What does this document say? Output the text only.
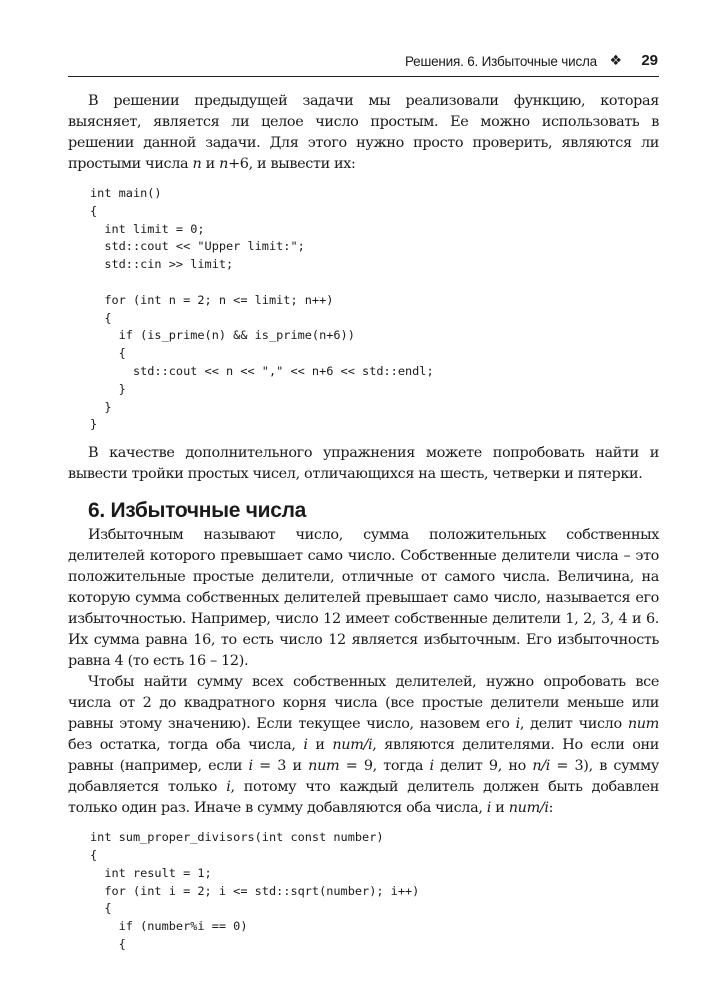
Решения. 6. Избыточные числа ❖ 29

В решении предыдущей задачи мы реализовали функцию, которая выясняет, является ли целое число простым. Ее можно использовать в решении данной задачи. Для этого нужно просто проверить, являются ли простыми числа n и n+6, и вывести их:

int main()
{
int limit = 0;
std::cout << "Upper limit:";
std::cin >> limit;

for (int n = 2; n <= limit; n++)
{
if (is_prime(n) && is_prime(n+6))
{
std::cout << n << "," << n+6 << std::endl;
}
}
}

В качестве дополнительного упражнения можете попробовать найти и вывести тройки простых чисел, отличающихся на шесть, четверки и пятерки.

6. Избыточные числа

Избыточным называют число, сумма положительных собственных делителей которого превышает само число. Собственные делители числа – это положительные простые делители, отличные от самого числа. Величина, на которую сумма собственных делителей превышает само число, называется его избыточностью. Например, число 12 имеет собственные делители 1, 2, 3, 4 и 6. Их сумма равна 16, то есть число 12 является избыточным. Его избыточность равна 4 (то есть 16 – 12).

Чтобы найти сумму всех собственных делителей, нужно опробовать все числа от 2 до квадратного корня числа (все простые делители меньше или равны этому значению). Если текущее число, назовем его i, делит число num без остатка, тогда оба числа, i и num/i, являются делителями. Но если они равны (например, если i = 3 и num = 9, тогда i делит 9, но n/i = 3), в сумму добавляется только i, потому что каждый делитель должен быть добавлен только один раз. Иначе в сумму добавляются оба числа, i и num/i:

int sum_proper_divisors(int const number)
{
int result = 1;
for (int i = 2; i <= std::sqrt(number); i++)
{
if (number%i == 0)
{
